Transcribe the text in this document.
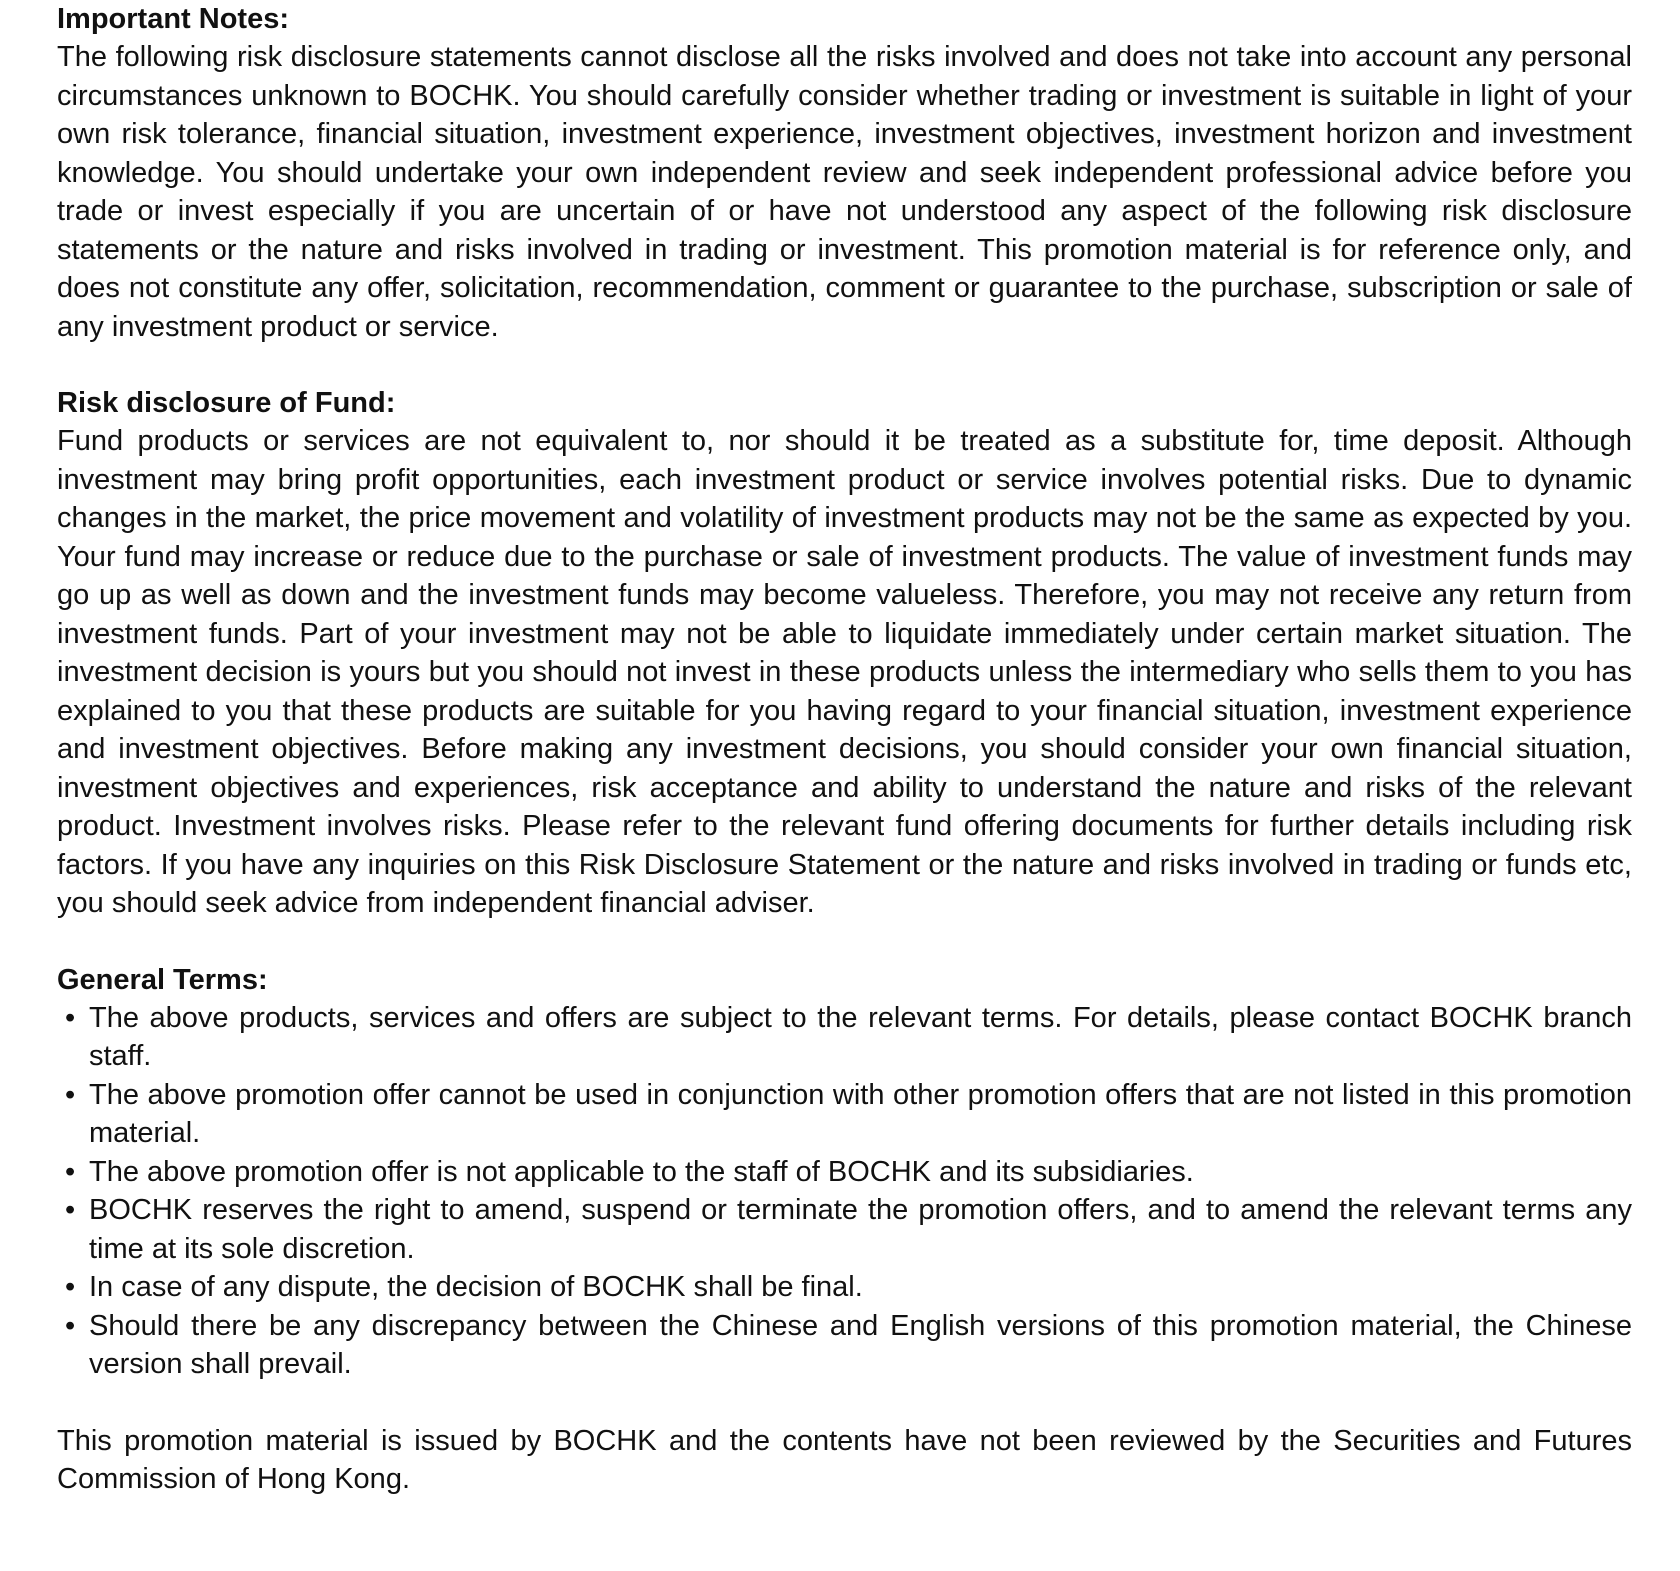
Important Notes:

The following risk disclosure statements cannot disclose all the risks involved and does not take into account any personal circumstances unknown to BOCHK. You should carefully consider whether trading or investment is suitable in light of your own risk tolerance, financial situation, investment experience, investment objectives, investment horizon and investment knowledge. You should undertake your own independent review and seek independent professional advice before you trade or invest especially if you are uncertain of or have not understood any aspect of the following risk disclosure statements or the nature and risks involved in trading or investment. This promotion material is for reference only, and does not constitute any offer, solicitation, recommendation, comment or guarantee to the purchase, subscription or sale of any investment product or service.

Risk disclosure of Fund:

Fund products or services are not equivalent to, nor should it be treated as a substitute for, time deposit. Although investment may bring profit opportunities, each investment product or service involves potential risks. Due to dynamic changes in the market, the price movement and volatility of investment products may not be the same as expected by you. Your fund may increase or reduce due to the purchase or sale of investment products. The value of investment funds may go up as well as down and the investment funds may become valueless. Therefore, you may not receive any return from investment funds. Part of your investment may not be able to liquidate immediately under certain market situation. The investment decision is yours but you should not invest in these products unless the intermediary who sells them to you has explained to you that these products are suitable for you having regard to your financial situation, investment experience and investment objectives. Before making any investment decisions, you should consider your own financial situation, investment objectives and experiences, risk acceptance and ability to understand the nature and risks of the relevant product. Investment involves risks. Please refer to the relevant fund offering documents for further details including risk factors. If you have any inquiries on this Risk Disclosure Statement or the nature and risks involved in trading or funds etc, you should seek advice from independent financial adviser.

General Terms:

• The above products, services and offers are subject to the relevant terms. For details, please contact BOCHK branch staff.
• The above promotion offer cannot be used in conjunction with other promotion offers that are not listed in this promotion material.
• The above promotion offer is not applicable to the staff of BOCHK and its subsidiaries.
• BOCHK reserves the right to amend, suspend or terminate the promotion offers, and to amend the relevant terms any time at its sole discretion.
• In case of any dispute, the decision of BOCHK shall be final.
• Should there be any discrepancy between the Chinese and English versions of this promotion material, the Chinese version shall prevail.

This promotion material is issued by BOCHK and the contents have not been reviewed by the Securities and Futures Commission of Hong Kong.
